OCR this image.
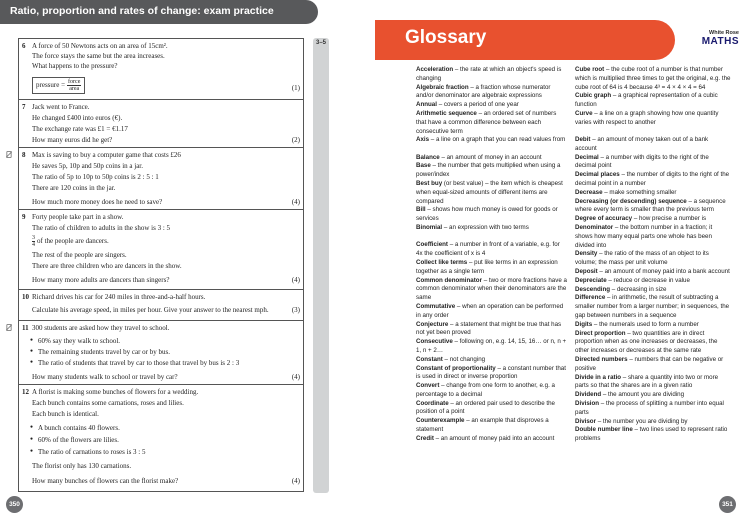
Ratio, proportion and rates of change: exam practice
3–5
6 A force of 50 Newtons acts on an area of 15cm².
The force stays the same but the area increases.
What happens to the pressure?
pressure = $\frac{\text{force}}{\text{area}}$	(1)
7 Jack went to France.
He changed £400 into euros (€).
The exchange rate was £1 = €1.17
How many euros did he get?	(2)
8 Max is saving to buy a computer game that costs £26
He saves 5p, 10p and 50p coins in a jar.
The ratio of 5p to 10p to 50p coins is 2 : 5 : 1
There are 120 coins in the jar.
How much more money does he need to save?	(4)
9 Forty people take part in a show.
The ratio of children to adults in the show is 3 : 5
$\frac{3}{4}$ of the people are dancers.
The rest of the people are singers.
There are three children who are dancers in the show.
How many more adults are dancers than singers?	(4)
10 Richard drives his car for 240 miles in three-and-a-half hours.
Calculate his average speed, in miles per hour. Give your answer to the nearest mph.	(3)
11 300 students are asked how they travel to school.
● 60% say they walk to school.
● The remaining students travel by car or by bus.
● The ratio of students that travel by car to those that travel by bus is 2 : 3
How many students walk to school or travel by car?	(4)
12 A florist is making some bunches of flowers for a wedding.
Each bunch contains some carnations, roses and lilies.
Each bunch is identical.
● A bunch contains 40 flowers.
● 60% of the flowers are lilies.
● The ratio of carnations to roses is 3 : 5
The florist only has 130 carnations.
How many bunches of flowers can the florist make?	(4)
350
Glossary	White Rose
MATHS

Acceleration – the rate at which an object's speed is changing

Algebraic fraction – a fraction whose numerator and/or denominator are algebraic expressions

Annual – covers a period of one year

Arithmetic sequence – an ordered set of numbers that have a common difference between each consecutive term

Axis – a line on a graph that you can read values from

Balance – an amount of money in an account

Base – the number that gets multiplied when using a power/index

Best buy (or best value) – the item which is cheapest when equal-sized amounts of different items are compared

Bill – shows how much money is owed for goods or services

Binomial – an expression with two terms

Coefficient – a number in front of a variable, e.g. for 4x the coefficient of x is 4

Collect like terms – put like terms in an expression together as a single term

Common denominator – two or more fractions have a common denominator when their denominators are the same

Commutative – when an operation can be performed in any order

Conjecture – a statement that might be true that has not yet been proved

Consecutive – following on, e.g. 14, 15, 16… or n, n + 1, n + 2…

Constant – not changing

Constant of proportionality – a constant number that is used in direct or inverse proportion

Convert – change from one form to another, e.g. a percentage to a decimal

Coordinate – an ordered pair used to describe the position of a point

Counterexample – an example that disproves a statement

Credit – an amount of money paid into an account

Cube root – the cube root of a number is that number which is multiplied three times to get the original, e.g. the cube root of 64 is 4 because 4³ = 4 × 4 × 4 = 64

Cubic graph – a graphical representation of a cubic function

Curve – a line on a graph showing how one quantity varies with respect to another

Debit – an amount of money taken out of a bank account

Decimal – a number with digits to the right of the decimal point

Decimal places – the number of digits to the right of the decimal point in a number

Decrease – make something smaller

Decreasing (or descending) sequence – a sequence where every term is smaller than the previous term

Degree of accuracy – how precise a number is

Denominator – the bottom number in a fraction; it shows how many equal parts one whole has been divided into

Density – the ratio of the mass of an object to its volume; the mass per unit volume

Deposit – an amount of money paid into a bank account

Depreciate – reduce or decrease in value

Descending – decreasing in size

Difference – in arithmetic, the result of subtracting a smaller number from a larger number; in sequences, the gap between numbers in a sequence

Digits – the numerals used to form a number

Direct proportion – two quantities are in direct proportion when as one increases or decreases, the other increases or decreases at the same rate

Directed numbers – numbers that can be negative or positive

Divide in a ratio – share a quantity into two or more parts so that the shares are in a given ratio

Dividend – the amount you are dividing

Division – the process of splitting a number into equal parts

Divisor – the number you are dividing by

Double number line – two lines used to represent ratio problems

351
